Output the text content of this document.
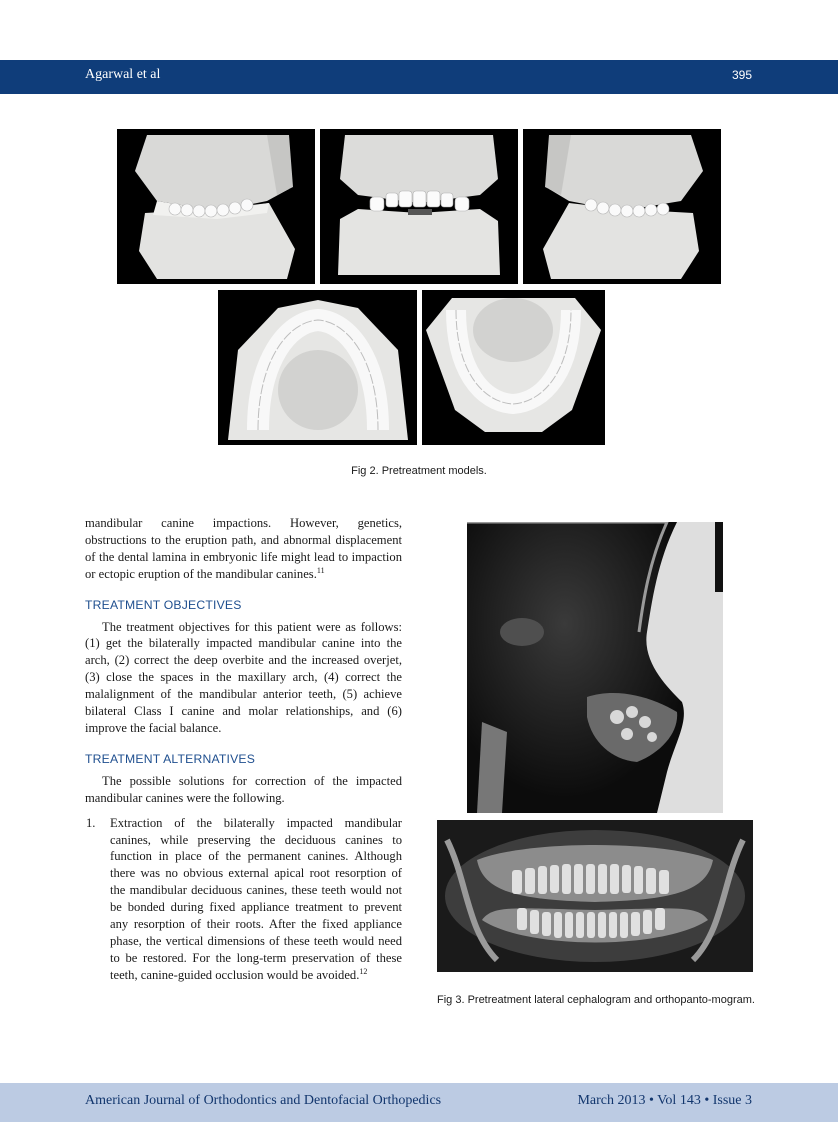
Agarwal et al	395
Fig 2. Pretreatment models.

mandibular canine impactions. However, genetics, obstructions to the eruption path, and abnormal displacement of the dental lamina in embryonic life might lead to impaction or ectopic eruption of the mandibular canines.$^{11}$

TREATMENT OBJECTIVES

The treatment objectives for this patient were as follows: (1) get the bilaterally impacted mandibular canine into the arch, (2) correct the deep overbite and the increased overjet, (3) close the spaces in the maxillary arch, (4) correct the malalignment of the mandibular anterior teeth, (5) achieve bilateral Class I canine and molar relationships, and (6) improve the facial balance.

TREATMENT ALTERNATIVES

The possible solutions for correction of the impacted mandibular canines were the following.

1. Extraction of the bilaterally impacted mandibular canines, while preserving the deciduous canines to function in place of the permanent canines. Although there was no obvious external apical root resorption of the mandibular deciduous canines, these teeth would not be bonded during fixed appliance treatment to prevent any resorption of their roots. After the fixed appliance phase, the vertical dimensions of these teeth would need to be restored. For the long-term preservation of these teeth, canine-guided occlusion would be avoided.$^{12}$
Fig 3. Pretreatment lateral cephalogram and orthopanto-mogram.
American Journal of Orthodontics and Dentofacial Orthopedics	March 2013 • Vol 143 • Issue 3
